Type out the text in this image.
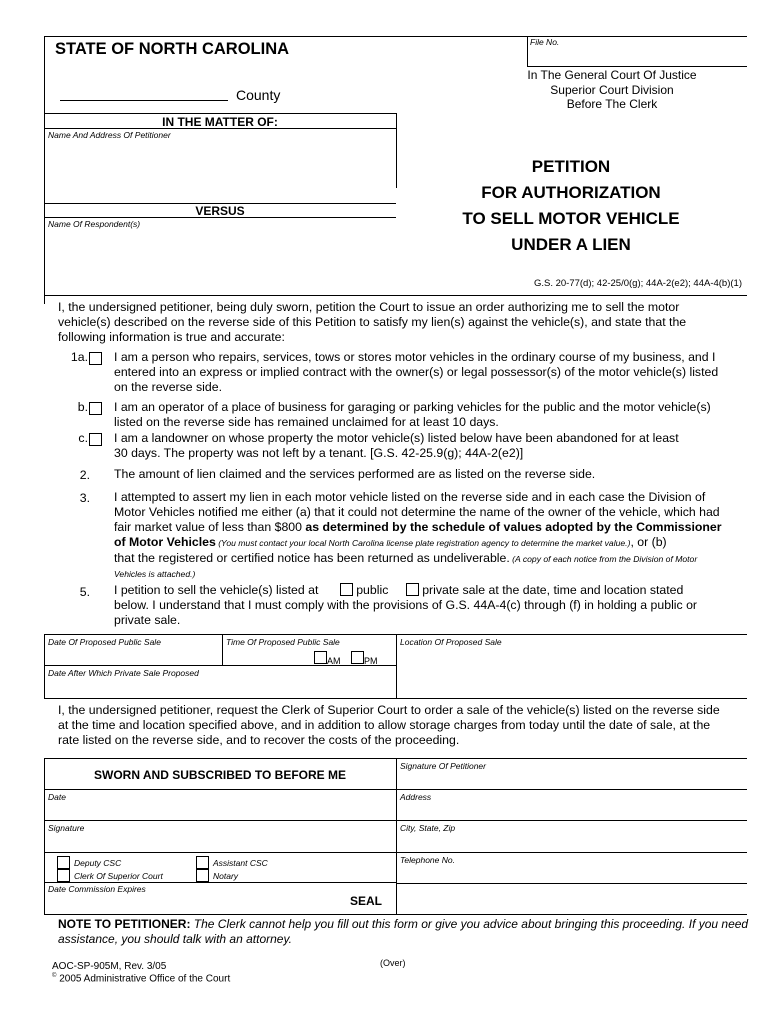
STATE OF NORTH CAROLINA	File No.
County
In The General Court Of Justice
Superior Court Division
Before The Clerk
IN THE MATTER OF:
Name And Address Of Petitioner
VERSUS
Name Of Respondent(s)
PETITION
FOR AUTHORIZATION
TO SELL MOTOR VEHICLE
UNDER A LIEN
G.S. 20-77(d); 42-25/0(g); 44A-2(e2); 44A-4(b)(1)
I, the undersigned petitioner, being duly sworn, petition the Court to issue an order authorizing me to sell the motor
vehicle(s) described on the reverse side of this Petition to satisfy my lien(s) against the vehicle(s), and state that the
following information is true and accurate:
1a. I am a person who repairs, services, tows or stores motor vehicles in the ordinary course of my business, and I
entered into an express or implied contract with the owner(s) or legal possessor(s) of the motor vehicle(s) listed
on the reverse side.
b. I am an operator of a place of business for garaging or parking vehicles for the public and the motor vehicle(s)
listed on the reverse side has remained unclaimed for at least 10 days.
c. I am a landowner on whose property the motor vehicle(s) listed below have been abandoned for at least
30 days. The property was not left by a tenant. [G.S. 42-25.9(g); 44A-2(e2)]
2. The amount of lien claimed and the services performed are as listed on the reverse side.
3. I attempted to assert my lien in each motor vehicle listed on the reverse side and in each case the Division of
Motor Vehicles notified me either (a) that it could not determine the name of the owner of the vehicle, which had
fair market value of less than $800 as determined by the schedule of values adopted by the Commissioner
of Motor Vehicles (You must contact your local North Carolina license plate registration agency to determine the market value.), or (b)
that the registered or certified notice has been returned as undeliverable. (A copy of each notice from the Division of Motor
Vehicles is attached.)
5. I petition to sell the vehicle(s) listed at	public	private sale at the date, time and location stated
below. I understand that I must comply with the provisions of G.S. 44A-4(c) through (f) in holding a public or
private sale.
Date Of Proposed Public Sale	Time Of Proposed Public Sale	Location Of Proposed Sale
AM	PM
Date After Which Private Sale Proposed
I, the undersigned petitioner, request the Clerk of Superior Court to order a sale of the vehicle(s) listed on the reverse side
at the time and location specified above, and in addition to allow storage charges from today until the date of sale, at the
rate listed on the reverse side, and to recover the costs of the proceeding.
SWORN AND SUBSCRIBED TO BEFORE ME
Signature Of Petitioner
Date	Address
Signature	City, State, Zip
Deputy CSC	Assistant CSC	Telephone No.
Clerk Of Superior Court	Notary
Date Commission Expires
SEAL
NOTE TO PETITIONER: The Clerk cannot help you fill out this form or give you advice about bringing this proceeding. If you need
assistance, you should talk with an attorney.
AOC-SP-905M, Rev. 3/05
© 2005 Administrative Office of the Court
(Over)
